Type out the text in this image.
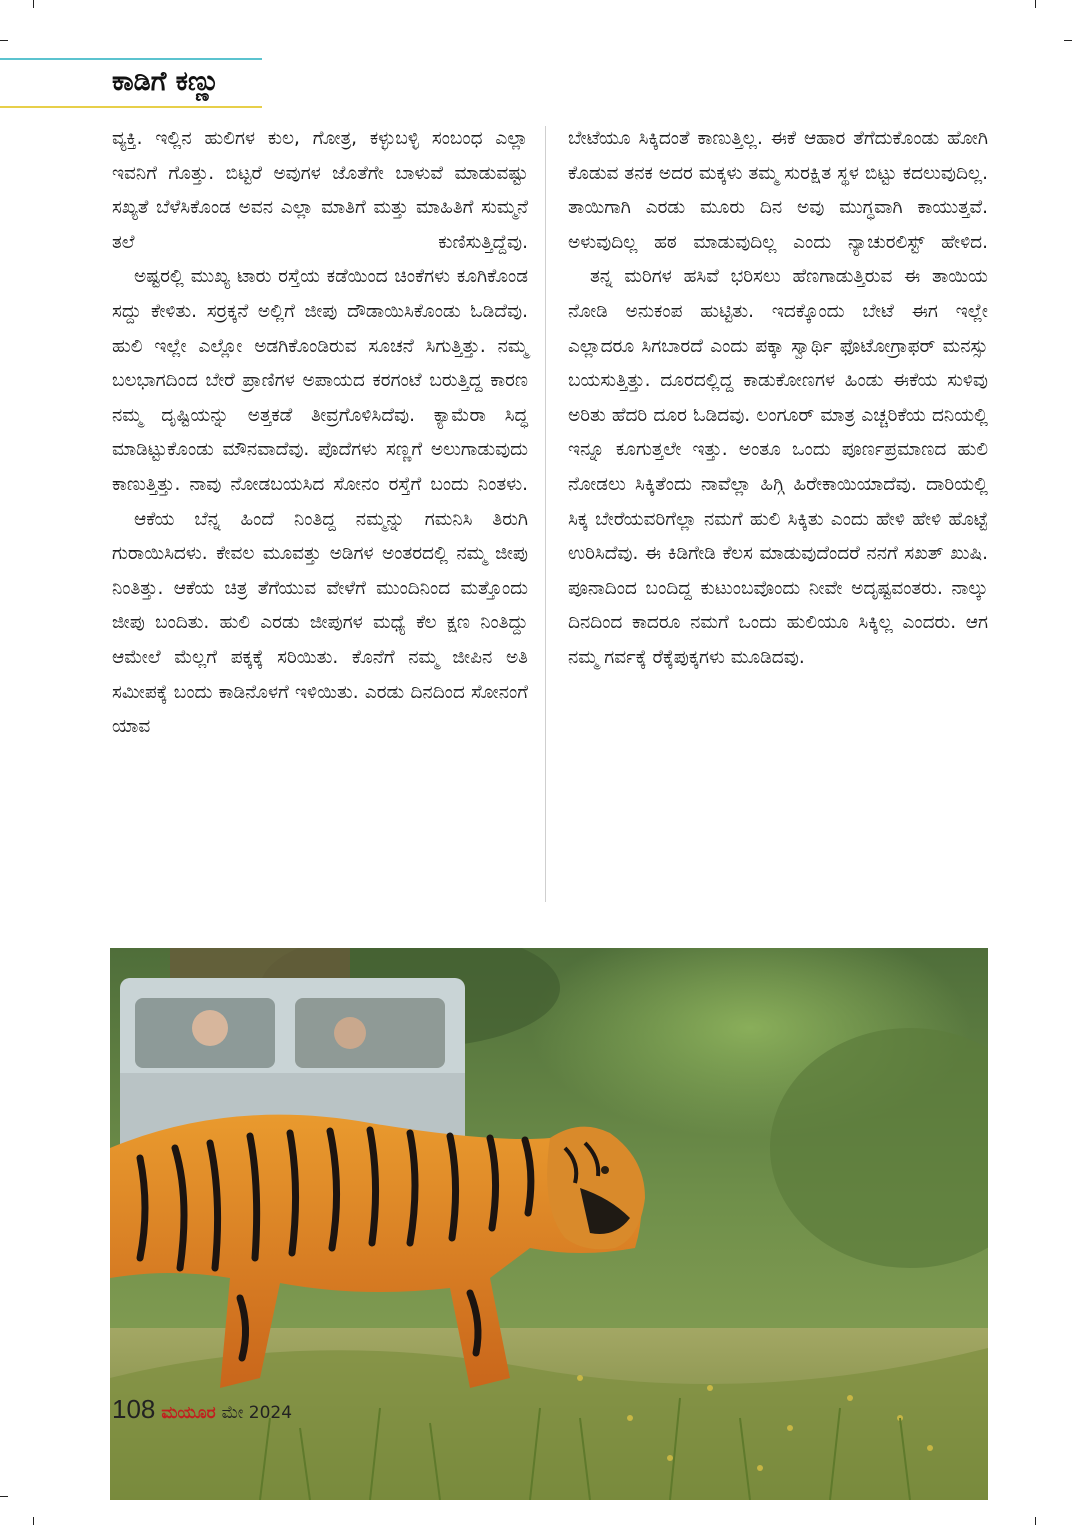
ಕಾಡಿಗೆ ಕಣ್ಣು

ವ್ಯಕ್ತಿ. ಇಲ್ಲಿನ ಹುಲಿಗಳ ಕುಲ, ಗೋತ್ರ, ಕಳ್ಳುಬಳ್ಳಿ ಸಂಬಂಧ ಎಲ್ಲಾ ಇವನಿಗೆ ಗೊತ್ತು. ಬಿಟ್ಟರೆ ಅವುಗಳ ಜೊತೆಗೇ ಬಾಳುವೆ ಮಾಡುವಷ್ಟು ಸಖ್ಯತೆ ಬೆಳೆಸಿಕೊಂಡ ಅವನ ಎಲ್ಲಾ ಮಾತಿಗೆ ಮತ್ತು ಮಾಹಿತಿಗೆ ಸುಮ್ಮನೆ ತಲೆ ಕುಣಿಸುತ್ತಿದ್ದೆವು.

ಅಷ್ಟರಲ್ಲಿ ಮುಖ್ಯ ಟಾರು ರಸ್ತೆಯ ಕಡೆಯಿಂದ ಚಿಂಕೆಗಳು ಕೂಗಿಕೊಂಡ ಸದ್ದು ಕೇಳಿತು. ಸರ್ರಕ್ಕನೆ ಅಲ್ಲಿಗೆ ಜೀಪು ದೌಡಾಯಿಸಿಕೊಂಡು ಓಡಿದೆವು. ಹುಲಿ ಇಲ್ಲೇ ಎಲ್ಲೋ ಅಡಗಿಕೊಂಡಿರುವ ಸೂಚನೆ ಸಿಗುತ್ತಿತ್ತು. ನಮ್ಮ ಬಲಭಾಗದಿಂದ ಬೇರೆ ಪ್ರಾಣಿಗಳ ಅಪಾಯದ ಕರಗಂಟೆ ಬರುತ್ತಿದ್ದ ಕಾರಣ ನಮ್ಮ ದೃಷ್ಟಿಯನ್ನು ಅತ್ತಕಡೆ ತೀವ್ರಗೊಳಿಸಿದೆವು. ಕ್ಯಾಮೆರಾ ಸಿದ್ಧ ಮಾಡಿಟ್ಟುಕೊಂಡು ಮೌನವಾದೆವು. ಪೊದೆಗಳು ಸಣ್ಣಗೆ ಅಲುಗಾಡುವುದು ಕಾಣುತ್ತಿತ್ತು. ನಾವು ನೋಡಬಯಸಿದ ಸೋನಂ ರಸ್ತೆಗೆ ಬಂದು ನಿಂತಳು.

ಆಕೆಯ ಬೆನ್ನ ಹಿಂದೆ ನಿಂತಿದ್ದ ನಮ್ಮನ್ನು ಗಮನಿಸಿ ತಿರುಗಿ ಗುರಾಯಿಸಿದಳು. ಕೇವಲ ಮೂವತ್ತು ಅಡಿಗಳ ಅಂತರದಲ್ಲಿ ನಮ್ಮ ಜೀಪು ನಿಂತಿತ್ತು. ಆಕೆಯ ಚಿತ್ರ ತೆಗೆಯುವ ವೇಳೆಗೆ ಮುಂದಿನಿಂದ ಮತ್ತೊಂದು ಜೀಪು ಬಂದಿತು. ಹುಲಿ ಎರಡು ಜೀಪುಗಳ ಮಧ್ಯೆ ಕೆಲ ಕ್ಷಣ ನಿಂತಿದ್ದು ಆಮೇಲೆ ಮೆಲ್ಲಗೆ ಪಕ್ಕಕ್ಕೆ ಸರಿಯಿತು. ಕೊನೆಗೆ ನಮ್ಮ ಜೀಪಿನ ಅತಿ ಸಮೀಪಕ್ಕೆ ಬಂದು ಕಾಡಿನೊಳಗೆ ಇಳಿಯಿತು. ಎರಡು ದಿನದಿಂದ ಸೋನಂಗೆ ಯಾವ

ಬೇಟೆಯೂ ಸಿಕ್ಕಿದಂತೆ ಕಾಣುತ್ತಿಲ್ಲ. ಈಕೆ ಆಹಾರ ತೆಗೆದುಕೊಂಡು ಹೋಗಿ ಕೊಡುವ ತನಕ ಅದರ ಮಕ್ಕಳು ತಮ್ಮ ಸುರಕ್ಷಿತ ಸ್ಥಳ ಬಿಟ್ಟು ಕದಲುವುದಿಲ್ಲ. ತಾಯಿಗಾಗಿ ಎರಡು ಮೂರು ದಿನ ಅವು ಮುಗ್ಧವಾಗಿ ಕಾಯುತ್ತವೆ. ಅಳುವುದಿಲ್ಲ ಹಠ ಮಾಡುವುದಿಲ್ಲ ಎಂದು ನ್ಯಾಚುರಲಿಸ್ಟ್ ಹೇಳಿದ.

ತನ್ನ ಮರಿಗಳ ಹಸಿವೆ ಭರಿಸಲು ಹೆಣಗಾಡುತ್ತಿರುವ ಈ ತಾಯಿಯ ನೋಡಿ ಅನುಕಂಪ ಹುಟ್ಟಿತು. ಇದಕ್ಕೊಂದು ಬೇಟೆ ಈಗ ಇಲ್ಲೇ ಎಲ್ಲಾದರೂ ಸಿಗಬಾರದೆ ಎಂದು ಪಕ್ಕಾ ಸ್ವಾರ್ಥಿ ಫೊಟೋಗ್ರಾಫರ್ ಮನಸ್ಸು ಬಯಸುತ್ತಿತ್ತು. ದೂರದಲ್ಲಿದ್ದ ಕಾಡುಕೋಣಗಳ ಹಿಂಡು ಈಕೆಯ ಸುಳಿವು ಅರಿತು ಹೆದರಿ ದೂರ ಓಡಿದವು. ಲಂಗೂರ್ ಮಾತ್ರ ಎಚ್ಚರಿಕೆಯ ದನಿಯಲ್ಲಿ ಇನ್ನೂ ಕೂಗುತ್ತಲೇ ಇತ್ತು. ಅಂತೂ ಒಂದು ಪೂರ್ಣಪ್ರಮಾಣದ ಹುಲಿ ನೋಡಲು ಸಿಕ್ಕಿತೆಂದು ನಾವೆಲ್ಲಾ ಹಿಗ್ಗಿ ಹಿರೇಕಾಯಿಯಾದೆವು. ದಾರಿಯಲ್ಲಿ ಸಿಕ್ಕ ಬೇರೆಯವರಿಗೆಲ್ಲಾ ನಮಗೆ ಹುಲಿ ಸಿಕ್ಕಿತು ಎಂದು ಹೇಳಿ ಹೇಳಿ ಹೊಟ್ಟೆ ಉರಿಸಿದೆವು. ಈ ಕಿಡಿಗೇಡಿ ಕೆಲಸ ಮಾಡುವುದೆಂದರೆ ನನಗೆ ಸಖತ್ ಖುಷಿ. ಪೂನಾದಿಂದ ಬಂದಿದ್ದ ಕುಟುಂಬವೊಂದು ನೀವೇ ಅದೃಷ್ಟವಂತರು. ನಾಲ್ಕು ದಿನದಿಂದ ಕಾದರೂ ನಮಗೆ ಒಂದು ಹುಲಿಯೂ ಸಿಕ್ಕಿಲ್ಲ ಎಂದರು. ಆಗ ನಮ್ಮ ಗರ್ವಕ್ಕೆ ರೆಕ್ಕೆಪುಕ್ಕಗಳು ಮೂಡಿದವು.

108 ಮಯೂರ ಮೇ 2024
